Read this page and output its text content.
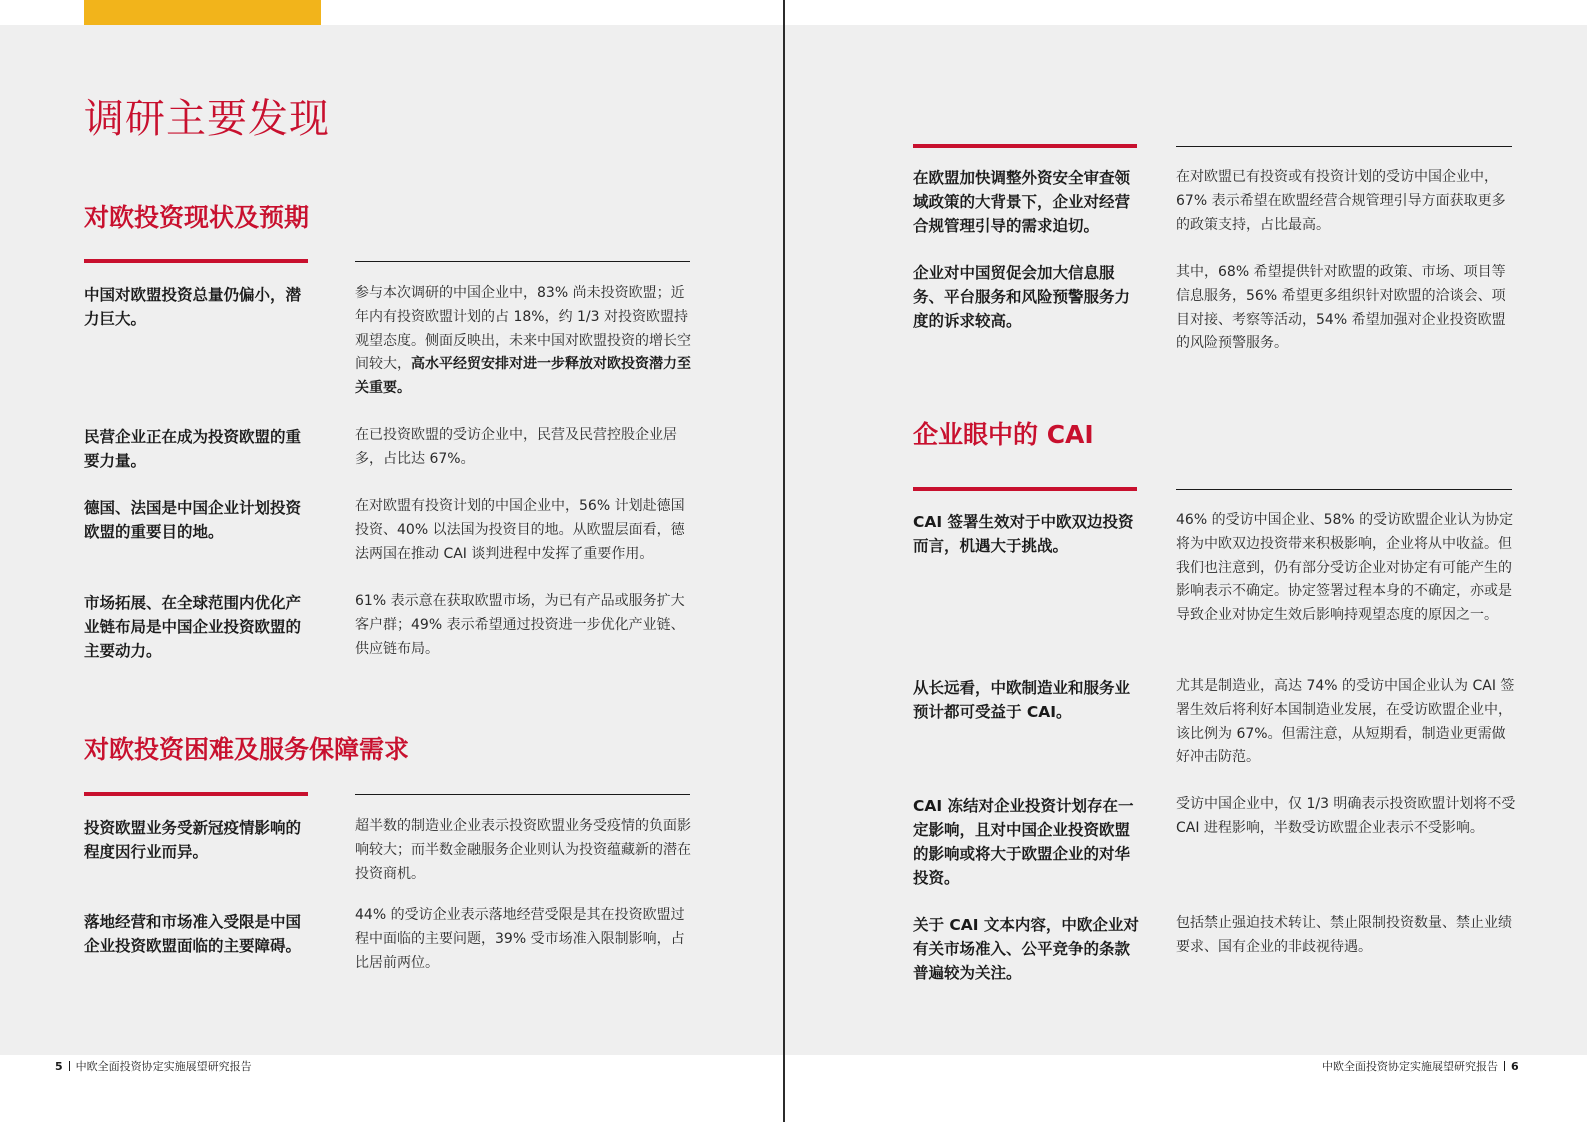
调研主要发现
对欧投资现状及预期
中国对欧盟投资总量仍偏小，潜力巨大。
参与本次调研的中国企业中，83% 尚未投资欧盟；近年内有投资欧盟计划的占 18%，约 1/3 对投资欧盟持观望态度。侧面反映出，未来中国对欧盟投资的增长空间较大，高水平经贸安排对进一步释放对欧投资潜力至关重要。
民营企业正在成为投资欧盟的重要力量。
在已投资欧盟的受访企业中，民营及民营控股企业居多，占比达 67%。
德国、法国是中国企业计划投资欧盟的重要目的地。
在对欧盟有投资计划的中国企业中，56% 计划赴德国投资、40% 以法国为投资目的地。从欧盟层面看，德法两国在推动 CAI 谈判进程中发挥了重要作用。
市场拓展、在全球范围内优化产业链布局是中国企业投资欧盟的主要动力。
61% 表示意在获取欧盟市场，为已有产品或服务扩大客户群；49% 表示希望通过投资进一步优化产业链、供应链布局。
对欧投资困难及服务保障需求
投资欧盟业务受新冠疫情影响的程度因行业而异。
超半数的制造业企业表示投资欧盟业务受疫情的负面影响较大；而半数金融服务企业则认为投资蕴藏新的潜在投资商机。
落地经营和市场准入受限是中国企业投资欧盟面临的主要障碍。
44% 的受访企业表示落地经营受限是其在投资欧盟过程中面临的主要问题，39% 受市场准入限制影响，占比居前两位。
5 中欧全面投资协定实施展望研究报告
在欧盟加快调整外资安全审查领域政策的大背景下，企业对经营合规管理引导的需求迫切。
在对欧盟已有投资或有投资计划的受访中国企业中，67% 表示希望在欧盟经营合规管理引导方面获取更多的政策支持，占比最高。
企业对中国贸促会加大信息服务、平台服务和风险预警服务力度的诉求较高。
其中，68% 希望提供针对欧盟的政策、市场、项目等信息服务，56% 希望更多组织针对欧盟的洽谈会、项目对接、考察等活动，54% 希望加强对企业投资欧盟的风险预警服务。
企业眼中的 CAI
CAI 签署生效对于中欧双边投资而言，机遇大于挑战。
46% 的受访中国企业、58% 的受访欧盟企业认为协定将为中欧双边投资带来积极影响，企业将从中收益。但我们也注意到，仍有部分受访企业对协定有可能产生的影响表示不确定。协定签署过程本身的不确定，亦或是导致企业对协定生效后影响持观望态度的原因之一。
从长远看，中欧制造业和服务业预计都可受益于 CAI。
尤其是制造业，高达 74% 的受访中国企业认为 CAI 签署生效后将利好本国制造业发展，在受访欧盟企业中，该比例为 67%。但需注意，从短期看，制造业更需做好冲击防范。
CAI 冻结对企业投资计划存在一定影响，且对中国企业投资欧盟的影响或将大于欧盟企业的对华投资。
受访中国企业中，仅 1/3 明确表示投资欧盟计划将不受 CAI 进程影响，半数受访欧盟企业表示不受影响。
关于 CAI 文本内容，中欧企业对有关市场准入、公平竞争的条款普遍较为关注。
包括禁止强迫技术转让、禁止限制投资数量、禁止业绩要求、国有企业的非歧视待遇。
中欧全面投资协定实施展望研究报告 6
